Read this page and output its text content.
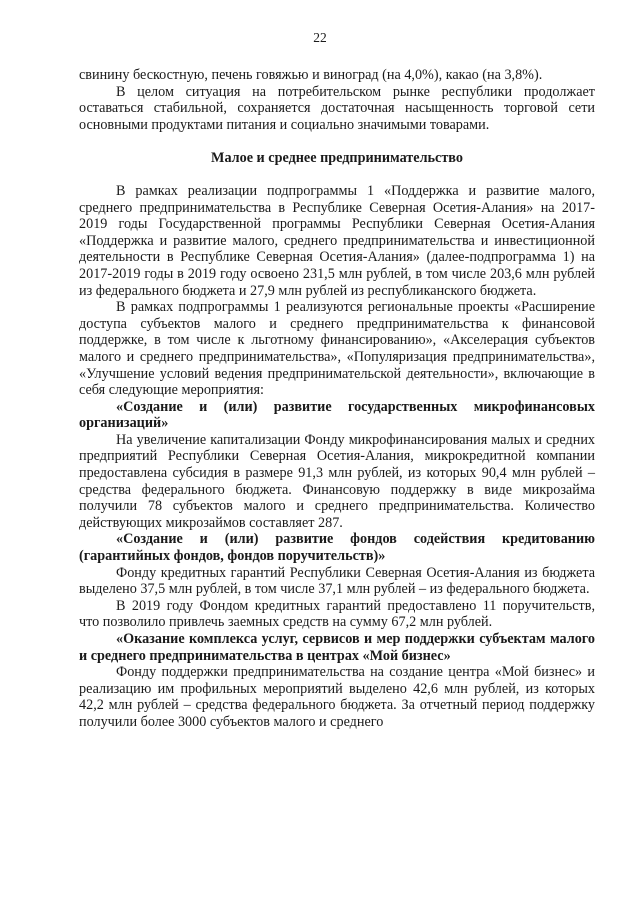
22

свинину бескостную, печень говяжью и виноград (на 4,0%), какао (на 3,8%).

В целом ситуация на потребительском рынке республики продолжает оставаться стабильной, сохраняется достаточная насыщенность торговой сети основными продуктами питания и социально значимыми товарами.

Малое и среднее предпринимательство

В рамках реализации подпрограммы 1 «Поддержка и развитие малого, среднего предпринимательства в Республике Северная Осетия-Алания» на 2017-2019 годы Государственной программы Республики Северная Осетия-Алания «Поддержка и развитие малого, среднего предпринимательства и инвестиционной деятельности в Республике Северная Осетия-Алания» (далее-подпрограмма 1) на 2017-2019 годы в 2019 году освоено 231,5 млн рублей, в том числе 203,6 млн рублей из федерального бюджета и 27,9 млн рублей из республиканского бюджета.

В рамках подпрограммы 1 реализуются региональные проекты «Расширение доступа субъектов малого и среднего предпринимательства к финансовой поддержке, в том числе к льготному финансированию», «Акселерация субъектов малого и среднего предпринимательства», «Популяризация предпринимательства», «Улучшение условий ведения предпринимательской деятельности», включающие в себя следующие мероприятия:

«Создание и (или) развитие государственных микрофинансовых организаций»

На увеличение капитализации Фонду микрофинансирования малых и средних предприятий Республики Северная Осетия-Алания, микрокредитной компании предоставлена субсидия в размере 91,3 млн рублей, из которых 90,4 млн рублей – средства федерального бюджета. Финансовую поддержку в виде микрозайма получили 78 субъектов малого и среднего предпринимательства. Количество действующих микрозаймов составляет 287.

«Создание и (или) развитие фондов содействия кредитованию (гарантийных фондов, фондов поручительств)»

Фонду кредитных гарантий Республики Северная Осетия-Алания из бюджета выделено 37,5 млн рублей, в том числе 37,1 млн рублей – из федерального бюджета.

В 2019 году Фондом кредитных гарантий предоставлено 11 поручительств, что позволило привлечь заемных средств на сумму 67,2 млн рублей.

«Оказание комплекса услуг, сервисов и мер поддержки субъектам малого и среднего предпринимательства в центрах «Мой бизнес»

Фонду поддержки предпринимательства на создание центра «Мой бизнес» и реализацию им профильных мероприятий выделено 42,6 млн рублей, из которых 42,2 млн рублей – средства федерального бюджета. За отчетный период поддержку получили более 3000 субъектов малого и среднего
